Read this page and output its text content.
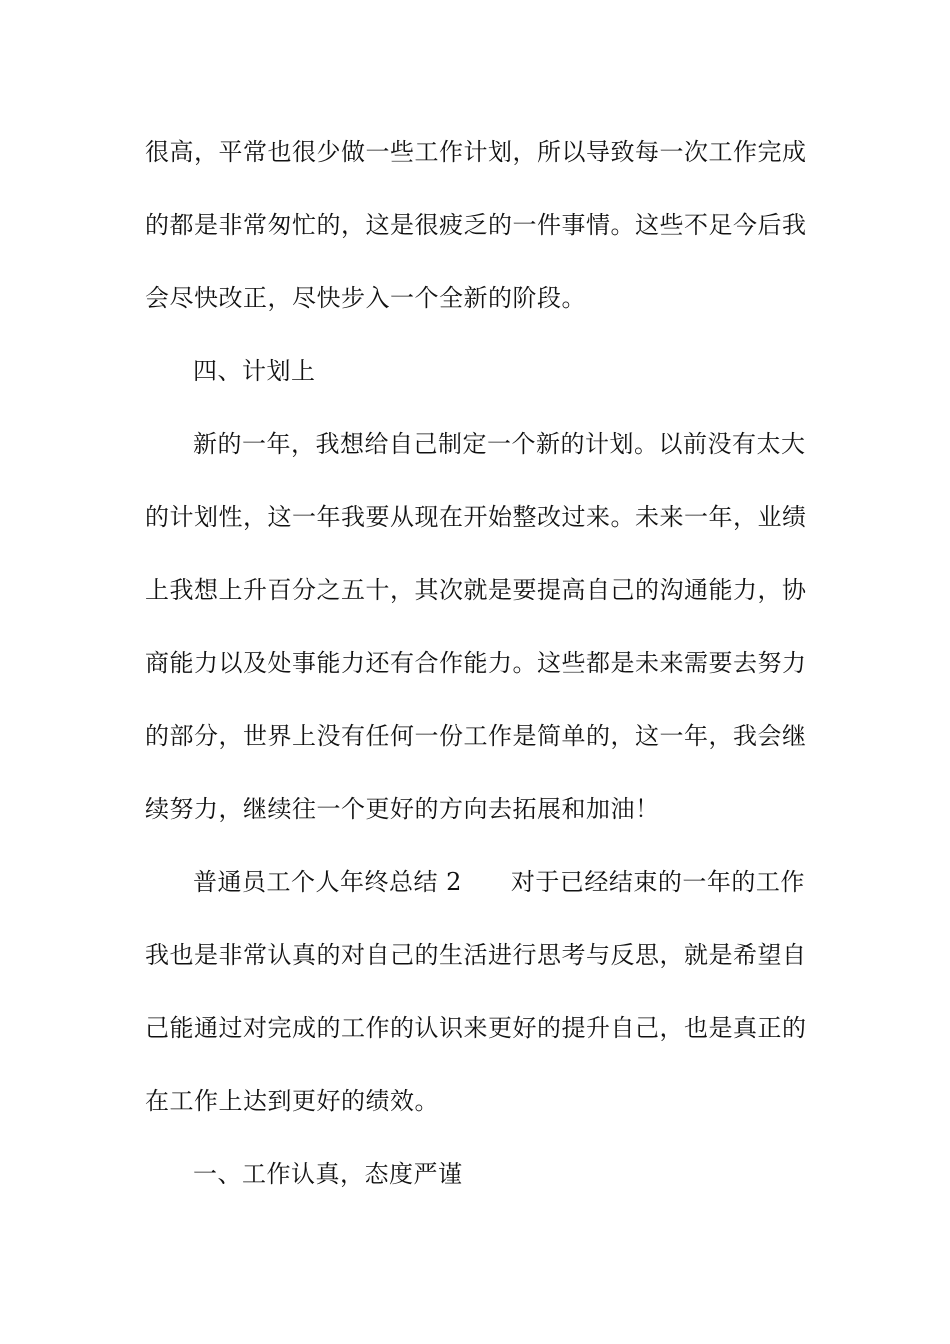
很高，平常也很少做一些工作计划，所以导致每一次工作完成
的都是非常匆忙的，这是很疲乏的一件事情。这些不足今后我
会尽快改正，尽快步入一个全新的阶段。
四、计划上
新的一年，我想给自己制定一个新的计划。以前没有太大
的计划性，这一年我要从现在开始整改过来。未来一年，业绩
上我想上升百分之五十，其次就是要提高自己的沟通能力，协
商能力以及处事能力还有合作能力。这些都是未来需要去努力
的部分，世界上没有任何一份工作是简单的，这一年，我会继
续努力，继续往一个更好的方向去拓展和加油！
普通员工个人年终总结 2　　对于已经结束的一年的工作
我也是非常认真的对自己的生活进行思考与反思，就是希望自
己能通过对完成的工作的认识来更好的提升自己，也是真正的
在工作上达到更好的绩效。
一、工作认真，态度严谨
